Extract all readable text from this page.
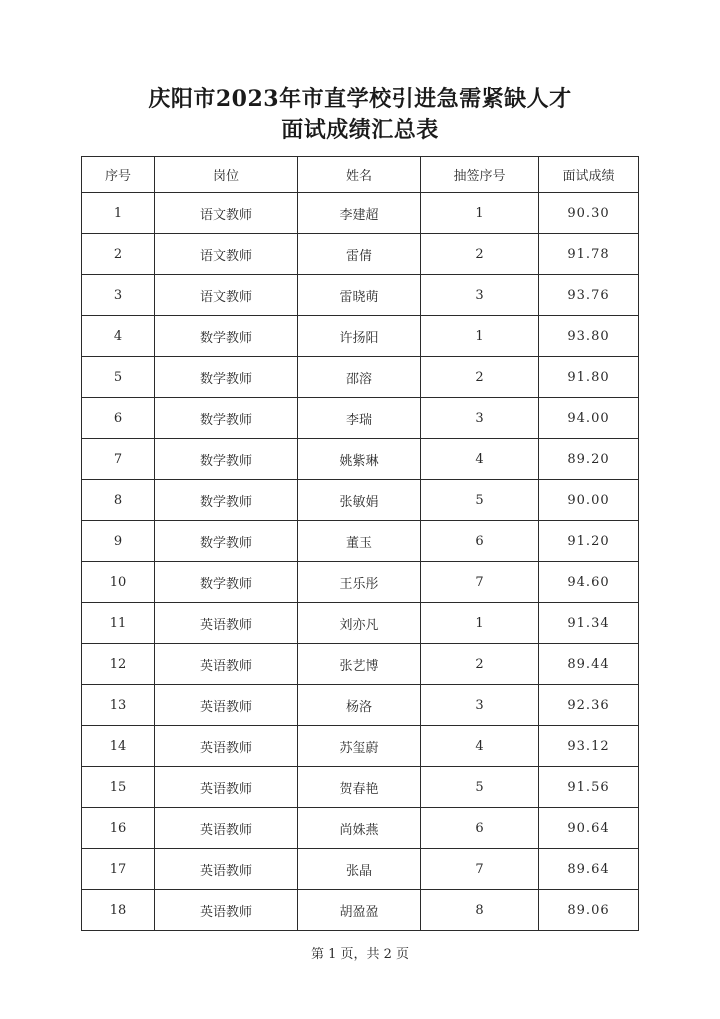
庆阳市2023年市直学校引进急需紧缺人才
面试成绩汇总表
序号	岗位	姓名	抽签序号	面试成绩
1	语文教师	李建超	1	90.30
2	语文教师	雷倩	2	91.78
3	语文教师	雷晓萌	3	93.76
4	数学教师	许扬阳	1	93.80
5	数学教师	邵溶	2	91.80
6	数学教师	李瑞	3	94.00
7	数学教师	姚紫琳	4	89.20
8	数学教师	张敏娟	5	90.00
9	数学教师	董玉	6	91.20
10	数学教师	王乐彤	7	94.60
11	英语教师	刘亦凡	1	91.34
12	英语教师	张艺博	2	89.44
13	英语教师	杨洛	3	92.36
14	英语教师	苏玺蔚	4	93.12
15	英语教师	贺春艳	5	91.56
16	英语教师	尚姝燕	6	90.64
17	英语教师	张晶	7	89.64
18	英语教师	胡盈盈	8	89.06
第 1 页，共 2 页
